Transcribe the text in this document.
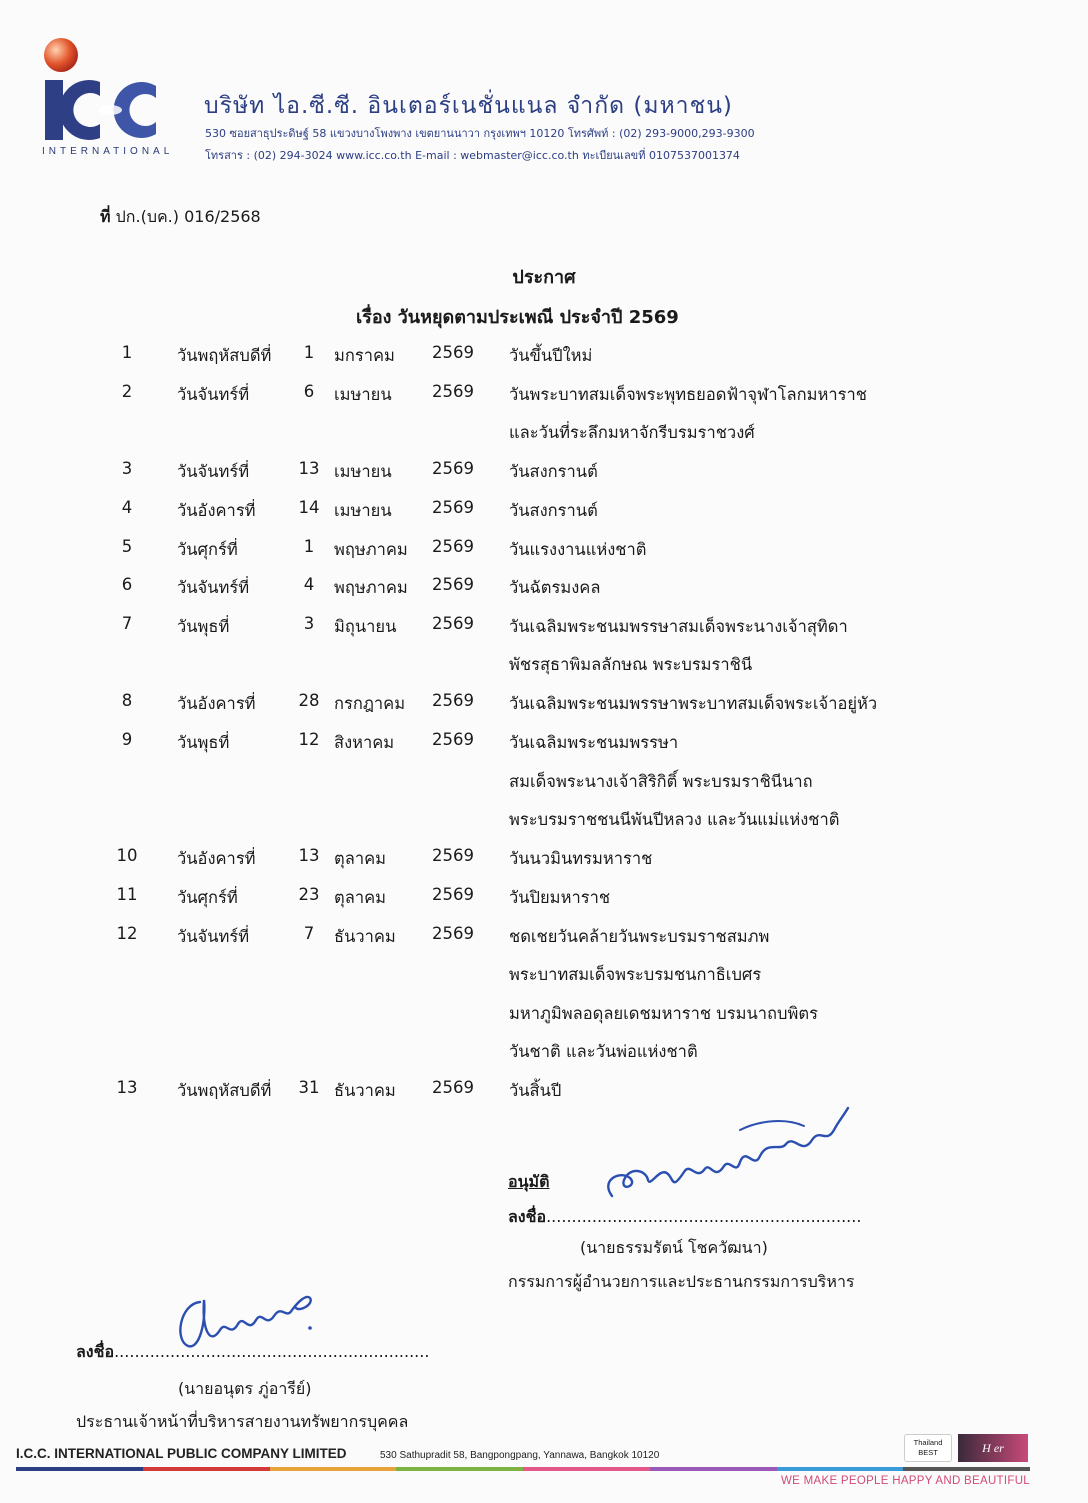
INTERNATIONAL
บริษัท ไอ.ซี.ซี. อินเตอร์เนชั่นแนล จำกัด (มหาชน)
530 ซอยสาธุประดิษฐ์ 58 แขวงบางโพงพาง เขตยานนาวา กรุงเทพฯ 10120 โทรศัพท์ : (02) 293-9000,293-9300
โทรสาร : (02) 294-3024 www.icc.co.th E-mail : webmaster@icc.co.th ทะเบียนเลขที่ 0107537001374
ที่ ปก.(บค.) 016/2568
ประกาศ
เรื่อง วันหยุดตามประเพณี ประจำปี 2569
1	วันพฤหัสบดีที่	1	มกราคม 2569 วันขึ้นปีใหม่
2	วันจันทร์ที่	6	เมษายน 2569 วันพระบาทสมเด็จพระพุทธยอดฟ้าจุฬาโลกมหาราช
และวันที่ระลึกมหาจักรีบรมราชวงศ์
3	วันจันทร์ที่	13 เมษายน 2569 วันสงกรานต์
4	วันอังคารที่	14 เมษายน 2569 วันสงกรานต์
5	วันศุกร์ที่	1	พฤษภาคม 2569 วันแรงงานแห่งชาติ
6	วันจันทร์ที่	4	พฤษภาคม 2569 วันฉัตรมงคล
7	วันพุธที่	3	มิถุนายน 2569 วันเฉลิมพระชนมพรรษาสมเด็จพระนางเจ้าสุทิดา
พัชรสุธาพิมลลักษณ พระบรมราชินี
8	วันอังคารที่	28 กรกฎาคม 2569 วันเฉลิมพระชนมพรรษาพระบาทสมเด็จพระเจ้าอยู่หัว
9	วันพุธที่	12 สิงหาคม 2569 วันเฉลิมพระชนมพรรษา
สมเด็จพระนางเจ้าสิริกิติ์ พระบรมราชินีนาถ
พระบรมราชชนนีพันปีหลวง และวันแม่แห่งชาติ
10 วันอังคารที่	13 ตุลาคม	2569 วันนวมินทรมหาราช
11 วันศุกร์ที่	23 ตุลาคม	2569 วันปิยมหาราช
12 วันจันทร์ที่	7	ธันวาคม 2569 ชดเชยวันคล้ายวันพระบรมราชสมภพ
พระบาทสมเด็จพระบรมชนกาธิเบศร
มหาภูมิพลอดุลยเดชมหาราช บรมนาถบพิตร
วันชาติ และวันพ่อแห่งชาติ
13 วันพฤหัสบดีที่	31 ธันวาคม 2569 วันสิ้นปี
อนุมัติ
ลงชื่อ..............................................................
(นายธรรมรัตน์ โชควัฒนา)
กรรมการผู้อำนวยการและประธานกรรมการบริหาร
ลงชื่อ..............................................................
(นายอนุตร ภู่อารีย์)
ประธานเจ้าหน้าที่บริหารสายงานทรัพยากรบุคคล
I.C.C. INTERNATIONAL PUBLIC COMPANY LIMITED	530 Sathupradit 58, Bangpongpang, Yannawa, Bangkok 10120
Thailand BEST	H er
WE MAKE PEOPLE HAPPY AND BEAUTIFUL
